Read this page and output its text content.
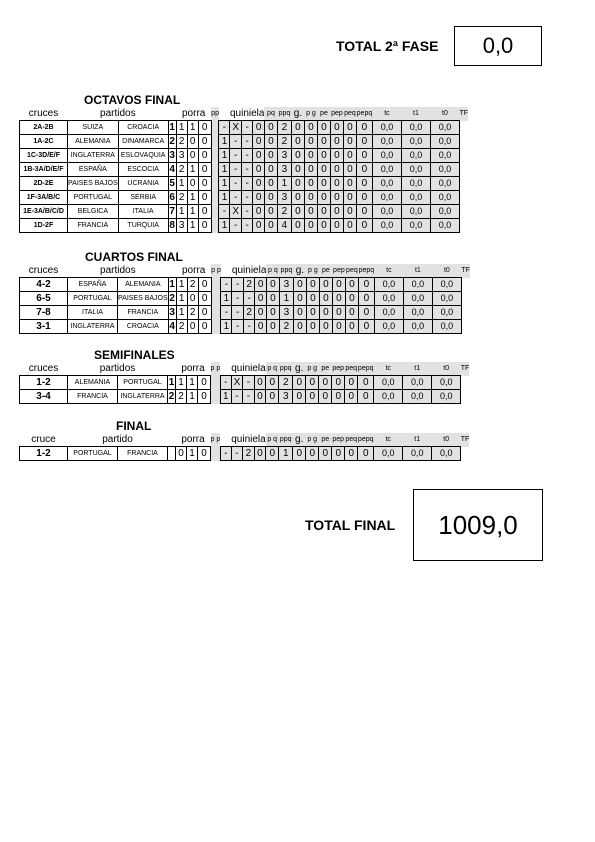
TOTAL 2ª FASE	0,0
OCTAVOS FINAL
cruces	partidos			porra			pp		quiniela			pq	ppq	g.	p g	pe	pep	peq	pepq	tc	t1	t0	TF
2A-2B	SUIZA	CROACIA	1	1	1	0		-	X	-	0	0	2	0	0	0	0	0	0	0,0	0,0	0,0	
1A-2C	ALEMANIA	DINAMARCA	2	2	0	0		1	-	-	0	0	2	0	0	0	0	0	0	0,0	0,0	0,0	
1C-3D/E/F	INGLATERRA	ESLOVAQUIA	3	3	0	0		1	-	-	0	0	3	0	0	0	0	0	0	0,0	0,0	0,0	
1B-3A/D/E/F	ESPAÑA	ESCOCIA	4	2	1	0		1	-	-	0	0	3	0	0	0	0	0	0	0,0	0,0	0,0	
2D-2E	PAISES BAJOS	UCRANIA	5	1	0	0		1	-	-	0	0	1	0	0	0	0	0	0	0,0	0,0	0,0	
1F-3A/B/C	PORTUGAL	SERBIA	6	2	1	0		1	-	-	0	0	3	0	0	0	0	0	0	0,0	0,0	0,0	
1E-3A/B/C/D	BELGICA	ITALIA	7	1	1	0		-	X	-	0	0	2	0	0	0	0	0	0	0,0	0,0	0,0	
1D-2F	FRANCIA	TURQUIA	8	3	1	0		1	-	-	0	0	4	0	0	0	0	0	0	0,0	0,0	0,0	
CUARTOS FINAL
cruces	partidos			porra			p p		quiniela			p q	ppq	g.	p g	pe	pep	peq	pepq	tc	t1	t0	TF
4-2	ESPAÑA	ALEMANIA	1	1	2	0		-	-	2	0	0	3	0	0	0	0	0	0	0,0	0,0	0,0	
6-5	PORTUGAL	PAISES BAJOS	2	1	0	0		1	-	-	0	0	1	0	0	0	0	0	0	0,0	0,0	0,0	
7-8	ITALIA	FRANCIA	3	1	2	0		-	-	2	0	0	3	0	0	0	0	0	0	0,0	0,0	0,0	
3-1	INGLATERRA	CROACIA	4	2	0	0		1	-	-	0	0	2	0	0	0	0	0	0	0,0	0,0	0,0	
SEMIFINALES
cruces	partidos			porra			p p		quiniela			p q	ppq	g.	p g	pe	pep	peq	pepq	tc	t1	t0	TF
1-2	ALEMANIA	PORTUGAL	1	1	1	0		-	X	-	0	0	2	0	0	0	0	0	0	0,0	0,0	0,0	
3-4	FRANCIA	INGLATERRA	2	2	1	0		1	-	-	0	0	3	0	0	0	0	0	0	0,0	0,0	0,0	
FINAL
cruce	partido			porra			p p		quiniela			p q	ppq	g.	p g	pe	pep	peq	pepq	tc	t1	t0	TF
1-2	PORTUGAL	FRANCIA		0	1	0		-	-	2	0	0	1	0	0	0	0	0	0	0,0	0,0	0,0	
TOTAL FINAL	1009,0
